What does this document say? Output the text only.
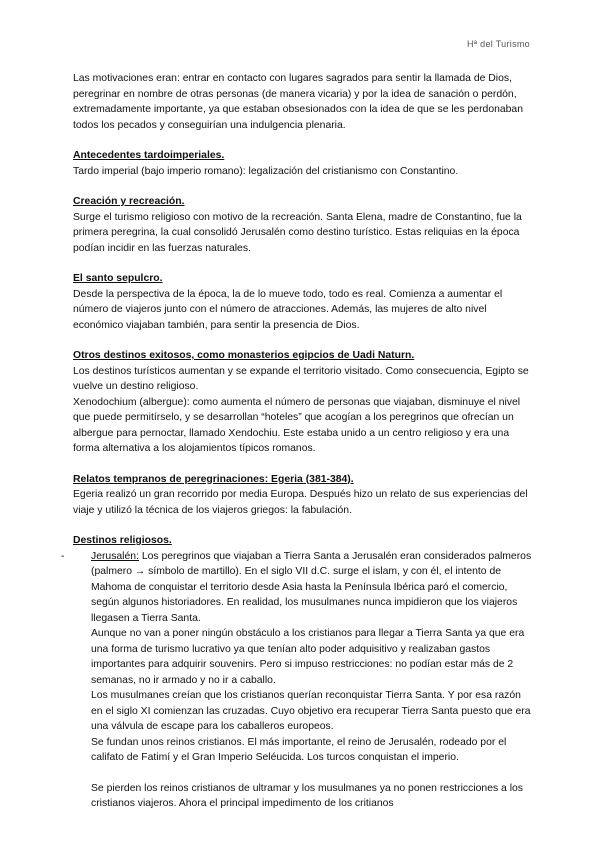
Hª del Turismo

Las motivaciones eran: entrar en contacto con lugares sagrados para sentir la llamada de Dios, peregrinar en nombre de otras personas (de manera vicaria) y por la idea de sanación o perdón, extremadamente importante, ya que estaban obsesionados con la idea de que se les perdonaban todos los pecados y conseguirían una indulgencia plenaria.

Antecedentes tardoimperiales.

Tardo imperial (bajo imperio romano): legalización del cristianismo con Constantino.

Creación y recreación.

Surge el turismo religioso con motivo de la recreación. Santa Elena, madre de Constantino, fue la primera peregrina, la cual consolidó Jerusalén como destino turístico. Estas reliquias en la época podían incidir en las fuerzas naturales.

El santo sepulcro.

Desde la perspectiva de la época, la de lo mueve todo, todo es real. Comienza a aumentar el número de viajeros junto con el número de atracciones. Además, las mujeres de alto nivel económico viajaban también, para sentir la presencia de Dios.

Otros destinos exitosos, como monasterios egipcios de Uadi Naturn.

Los destinos turísticos aumentan y se expande el territorio visitado. Como consecuencia, Egipto se vuelve un destino religioso.

Xenodochium (albergue): como aumenta el número de personas que viajaban, disminuye el nivel que puede permitírselo, y se desarrollan “hoteles” que acogían a los peregrinos que ofrecían un albergue para pernoctar, llamado Xendochiu. Este estaba unido a un centro religioso y era una forma alternativa a los alojamientos típicos romanos.

Relatos tempranos de peregrinaciones: Egeria (381-384).

Egeria realizó un gran recorrido por media Europa. Después hizo un relato de sus experiencias del viaje y utilizó la técnica de los viajeros griegos: la fabulación.

Destinos religiosos.

-	Jerusalén: Los peregrinos que viajaban a Tierra Santa a Jerusalén eran considerados palmeros (palmero → símbolo de martillo). En el siglo VII d.C. surge el islam, y con él, el intento de Mahoma de conquistar el territorio desde Asia hasta la Península Ibérica paró el comercio, según algunos historiadores. En realidad, los musulmanes nunca impidieron que los viajeros llegasen a Tierra Santa.

Aunque no van a poner ningún obstáculo a los cristianos para llegar a Tierra Santa ya que era una forma de turismo lucrativo ya que tenían alto poder adquisitivo y realizaban gastos importantes para adquirir souvenirs. Pero si impuso restricciones: no podían estar más de 2 semanas, no ir armado y no ir a caballo.

Los musulmanes creían que los cristianos querían reconquistar Tierra Santa. Y por esa razón en el siglo XI comienzan las cruzadas. Cuyo objetivo era recuperar Tierra Santa puesto que era una válvula de escape para los caballeros europeos.

Se fundan unos reinos cristianos. El más importante, el reino de Jerusalén, rodeado por el califato de Fatimí y el Gran Imperio Seléucida. Los turcos conquistan el imperio.

Se pierden los reinos cristianos de ultramar y los musulmanes ya no ponen restricciones a los cristianos viajeros. Ahora el principal impedimento de los critianos
